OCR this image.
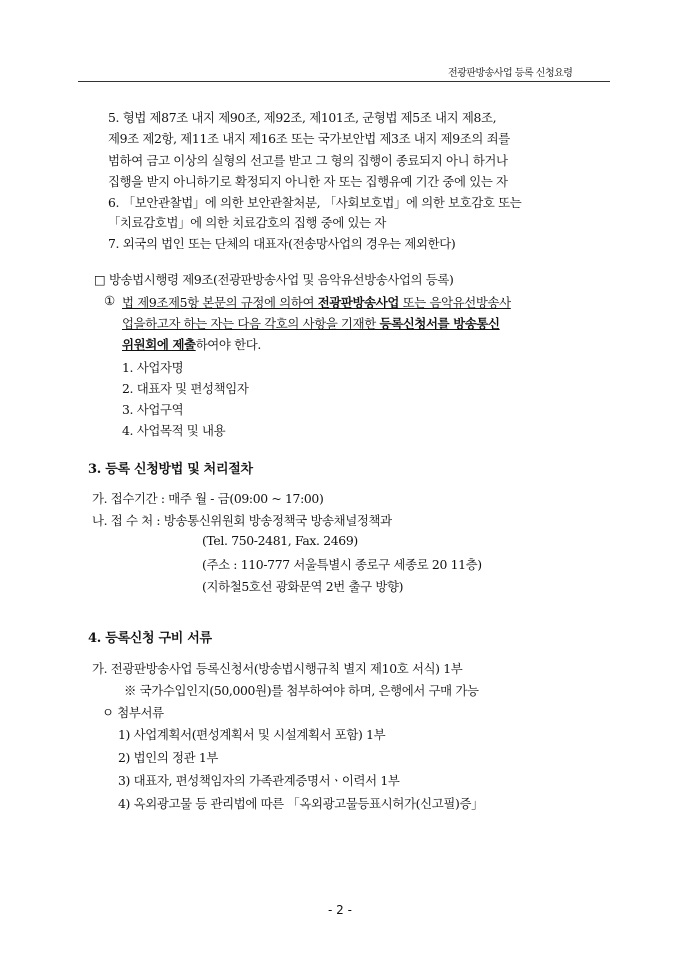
전광판방송사업 등록 신청요령
5. 형법 제87조 내지 제90조, 제92조, 제101조, 군형법 제5조 내지 제8조,
제9조 제2항, 제11조 내지 제16조 또는 국가보안법 제3조 내지 제9조의 죄를
범하여 금고 이상의 실형의 선고를 받고 그 형의 집행이 종료되지 아니 하거나
집행을 받지 아니하기로 확정되지 아니한 자 또는 집행유예 기간 중에 있는 자
6. 「보안관찰법」에 의한 보안관찰처분, 「사회보호법」에 의한 보호감호 또는
「치료감호법」에 의한 치료감호의 집행 중에 있는 자
7. 외국의 법인 또는 단체의 대표자(전송망사업의 경우는 제외한다)
□ 방송법시행령 제9조(전광판방송사업 및 음악유선방송사업의 등록)
① 법 제9조제5항 본문의 규정에 의하여 전광판방송사업 또는 음악유선방송사
업을하고자 하는 자는 다음 각호의 사항을 기재한 등록신청서를 방송통신
위원회에 제출하여야 한다.
1. 사업자명
2. 대표자 및 편성책임자
3. 사업구역
4. 사업목적 및 내용
3. 등록 신청방법 및 처리절차
가. 접수기간 : 매주 월 - 금(09:00 ~ 17:00)
나. 접 수 처 : 방송통신위원회 방송정책국 방송채널정책과
(Tel. 750-2481, Fax. 2469)
(주소 : 110-777 서울특별시 종로구 세종로 20 11층)
(지하철5호선 광화문역 2번 출구 방향)
4. 등록신청 구비 서류
가. 전광판방송사업 등록신청서(방송법시행규칙 별지 제10호 서식) 1부
※ 국가수입인지(50,000원)를 첨부하여야 하며, 은행에서 구매 가능
ㅇ 첨부서류
1) 사업계획서(편성계획서 및 시설계획서 포함) 1부
2) 법인의 정관 1부
3) 대표자, 편성책임자의 가족관계증명서ㆍ이력서 1부
4) 옥외광고물 등 관리법에 따른 「옥외광고물등표시허가(신고필)증」
- 2 -
